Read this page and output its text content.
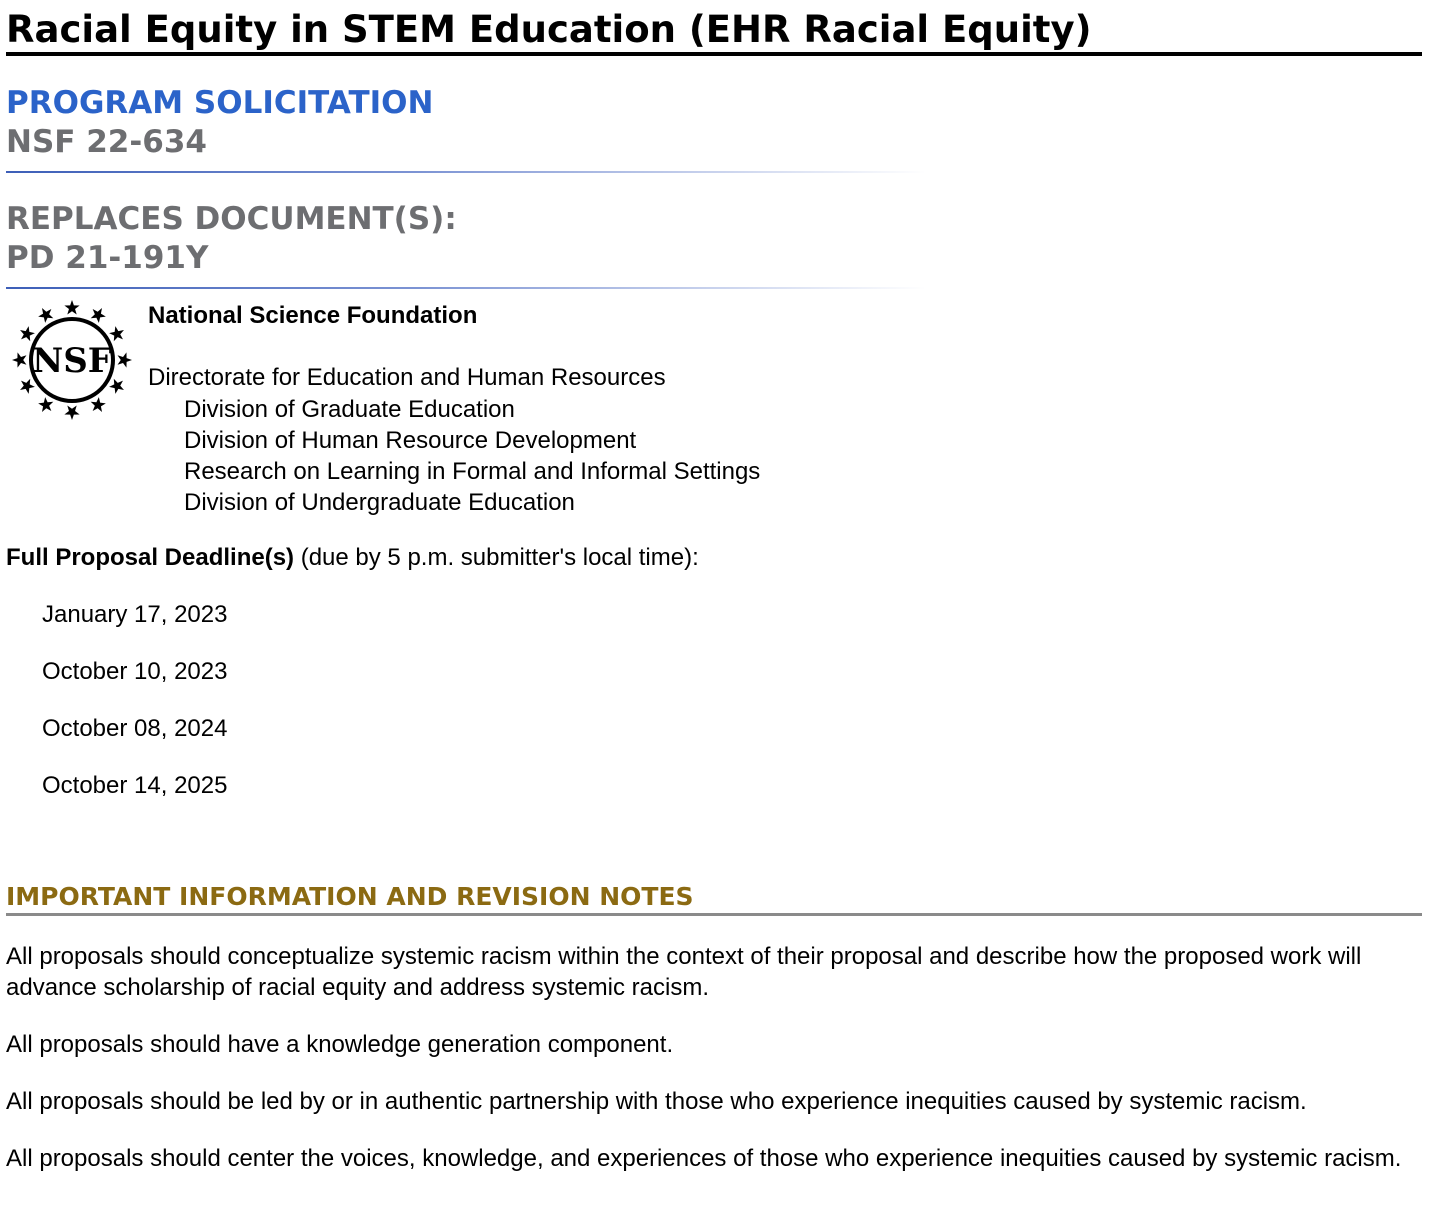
Racial Equity in STEM Education (EHR Racial Equity)
PROGRAM SOLICITATION
NSF 22-634
REPLACES DOCUMENT(S):
PD 21-191Y
NSF
National Science Foundation
Directorate for Education and Human Resources
Division of Graduate Education
Division of Human Resource Development
Research on Learning in Formal and Informal Settings
Division of Undergraduate Education

Full Proposal Deadline(s) (due by 5 p.m. submitter's local time):

January 17, 2023
October 10, 2023
October 08, 2024
October 14, 2025
IMPORTANT INFORMATION AND REVISION NOTES

All proposals should conceptualize systemic racism within the context of their proposal and describe how the proposed work will advance scholarship of racial equity and address systemic racism.

All proposals should have a knowledge generation component.

All proposals should be led by or in authentic partnership with those who experience inequities caused by systemic racism.

All proposals should center the voices, knowledge, and experiences of those who experience inequities caused by systemic racism.
